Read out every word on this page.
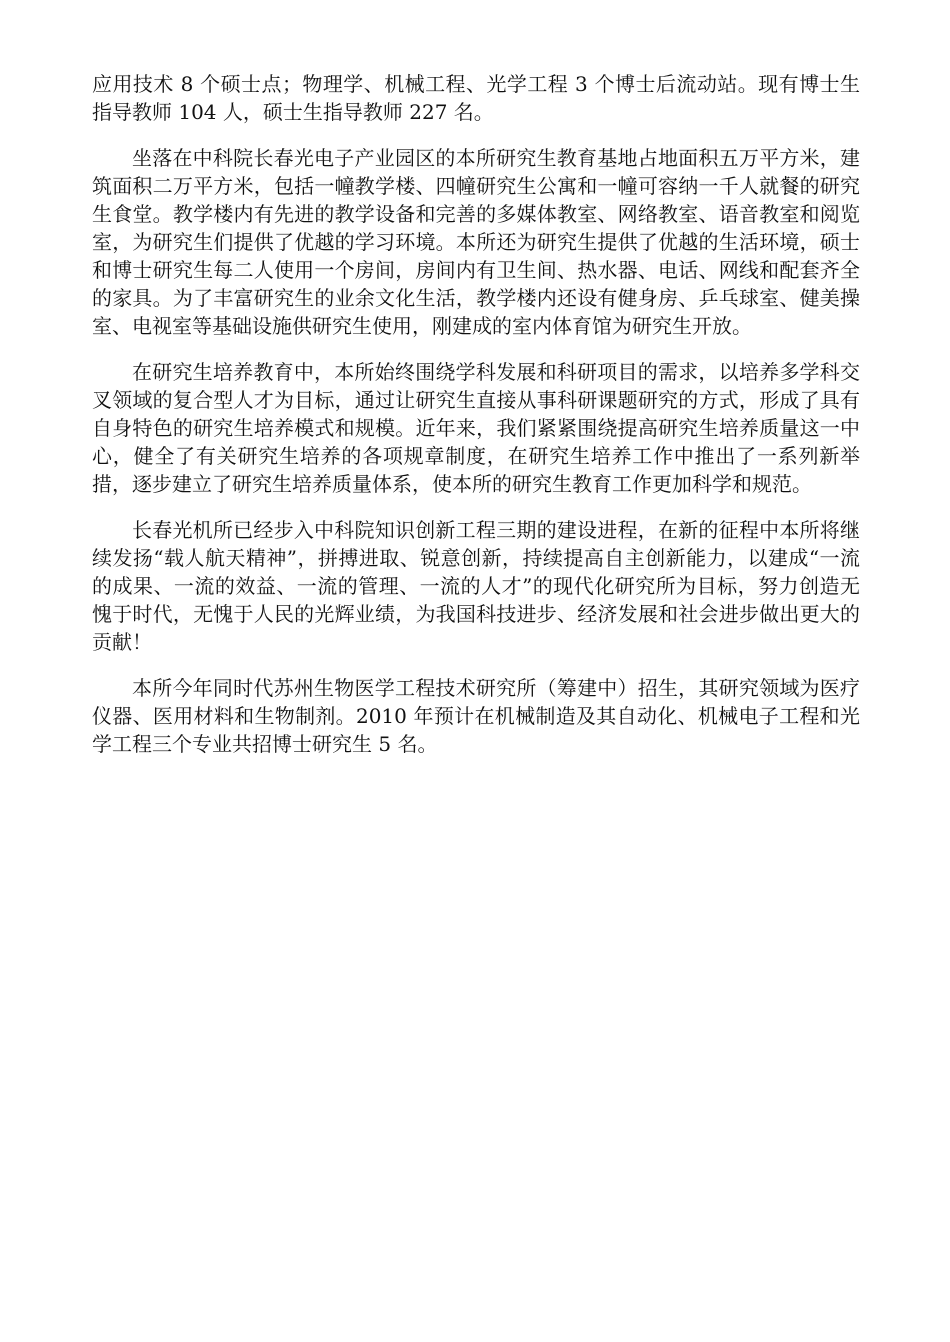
应用技术 8 个硕士点；物理学、机械工程、光学工程 3 个博士后流动站。现有博士生指导教师 104 人，硕士生指导教师 227 名。

坐落在中科院长春光电子产业园区的本所研究生教育基地占地面积五万平方米，建筑面积二万平方米，包括一幢教学楼、四幢研究生公寓和一幢可容纳一千人就餐的研究生食堂。教学楼内有先进的教学设备和完善的多媒体教室、网络教室、语音教室和阅览室，为研究生们提供了优越的学习环境。本所还为研究生提供了优越的生活环境，硕士和博士研究生每二人使用一个房间，房间内有卫生间、热水器、电话、网线和配套齐全的家具。为了丰富研究生的业余文化生活，教学楼内还设有健身房、乒乓球室、健美操室、电视室等基础设施供研究生使用，刚建成的室内体育馆为研究生开放。

在研究生培养教育中，本所始终围绕学科发展和科研项目的需求，以培养多学科交叉领域的复合型人才为目标，通过让研究生直接从事科研课题研究的方式，形成了具有自身特色的研究生培养模式和规模。近年来，我们紧紧围绕提高研究生培养质量这一中心，健全了有关研究生培养的各项规章制度，在研究生培养工作中推出了一系列新举措，逐步建立了研究生培养质量体系，使本所的研究生教育工作更加科学和规范。

长春光机所已经步入中科院知识创新工程三期的建设进程，在新的征程中本所将继续发扬“载人航天精神”，拼搏进取、锐意创新，持续提高自主创新能力，以建成“一流的成果、一流的效益、一流的管理、一流的人才”的现代化研究所为目标，努力创造无愧于时代，无愧于人民的光辉业绩，为我国科技进步、经济发展和社会进步做出更大的贡献！

本所今年同时代苏州生物医学工程技术研究所（筹建中）招生，其研究领域为医疗仪器、医用材料和生物制剂。2010 年预计在机械制造及其自动化、机械电子工程和光学工程三个专业共招博士研究生 5 名。
